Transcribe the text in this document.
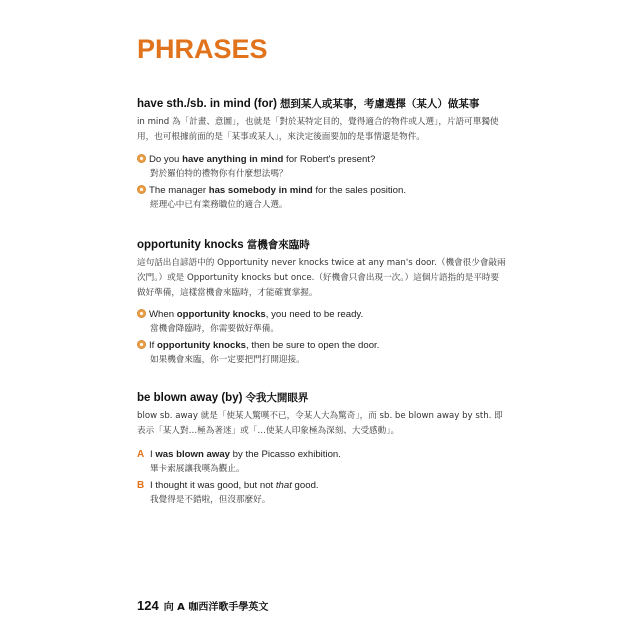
PHRASES
have sth./sb. in mind (for) 想到某人或某事，考慮選擇（某人）做某事
in mind 為「計畫、意圖」，也就是「對於某特定目的，覺得適合的物件或人選」，片語可單獨使用，也可根據前面的是「某事或某人」，來決定後面要加的是事情還是物件。
Do you have anything in mind for Robert's present?
對於羅伯特的禮物你有什麼想法嗎？
The manager has somebody in mind for the sales position.
經理心中已有業務職位的適合人選。
opportunity knocks 當機會來臨時
這句話出自諺語中的 Opportunity never knocks twice at any man's door.（機會很少會敲兩次門。）或是 Opportunity knocks but once.（好機會只會出現一次。）這個片語指的是平時要做好準備，這樣當機會來臨時，才能確實掌握。
When opportunity knocks, you need to be ready.
當機會降臨時，你需要做好準備。
If opportunity knocks, then be sure to open the door.
如果機會來臨，你一定要把門打開迎接。
be blown away (by) 令我大開眼界
blow sb. away 就是「使某人驚嘆不已，令某人大為驚奇」，而 sb. be blown away by sth. 即表示「某人對…極為著迷」或「…使某人印象極為深刻、大受感動」。
A I was blown away by the Picasso exhibition.
畢卡索展讓我嘆為觀止。
B I thought it was good, but not that good.
我覺得是不錯啦，但沒那麼好。
124 向 A 咖西洋歌手學英文
